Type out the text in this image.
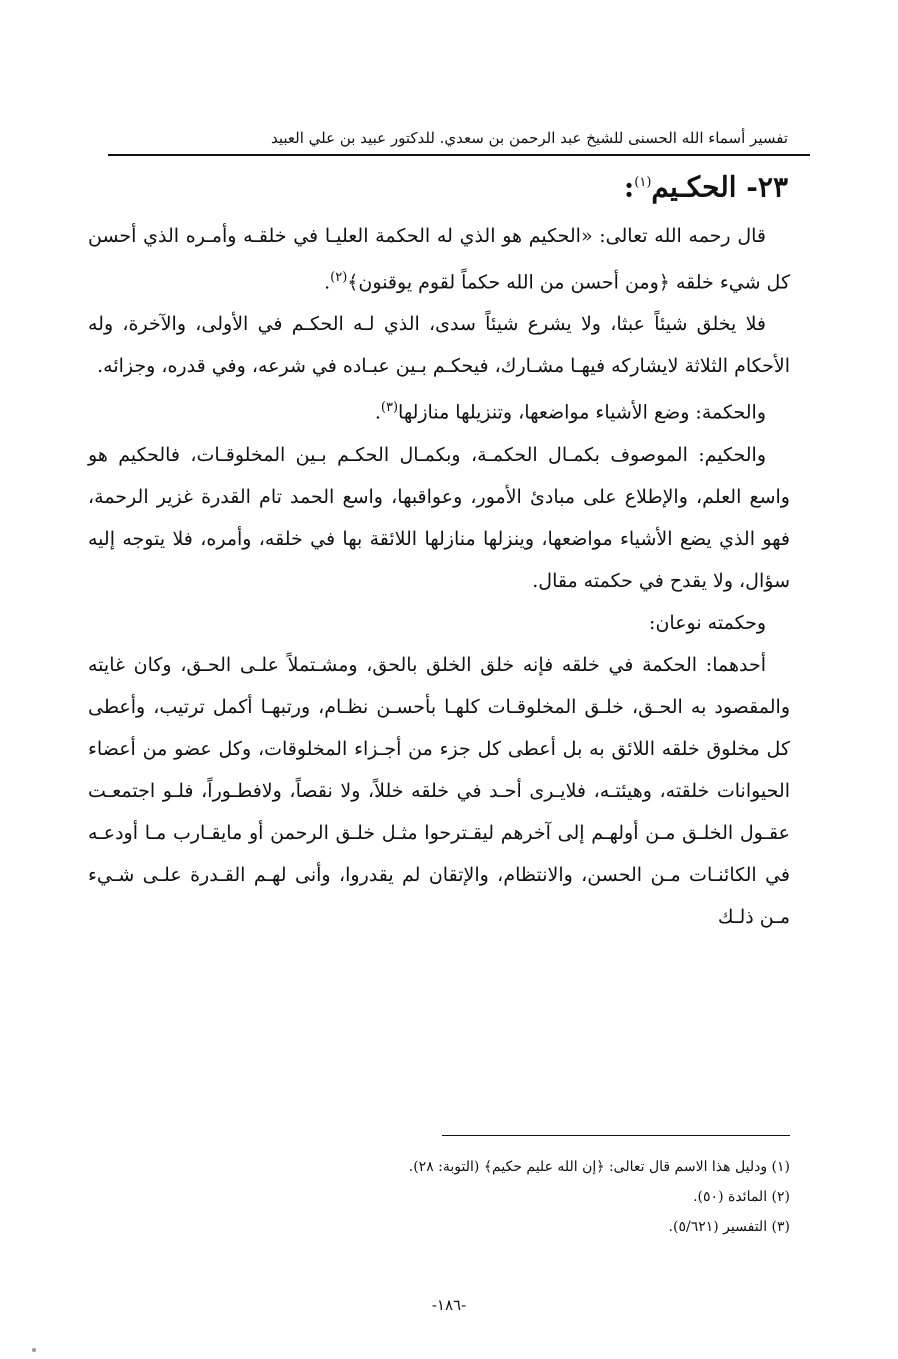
تفسير أسماء الله الحسنى للشيخ عبد الرحمن بن سعدي. للدكتور عبيد بن علي العبيد
٢٣- الحكـيم$^{(١)}$:

قال رحمه الله تعالى: «الحكيم هو الذي له الحكمة العليـا في خلقـه وأمـره الذي أحسن كل شيء خلقه ﴿ومن أحسن من الله حكماً لقوم يوقنون﴾$^{(٢)}$.

فلا يخلق شيئاً عبثا، ولا يشرع شيئاً سدى، الذي لـه الحكـم في الأولى، والآخرة، وله الأحكام الثلاثة لايشاركه فيهـا مشـارك، فيحكـم بـين عبـاده في شرعه، وفي قدره، وجزائه.

والحكمة: وضع الأشياء مواضعها، وتنزيلها منازلها$^{(٣)}$.

والحكيم: الموصوف بكمـال الحكمـة، وبكمـال الحكـم بـين المخلوقـات، فالحكيم هو واسع العلم، والإطلاع على مبادئ الأمور، وعواقبها، واسع الحمد تام القدرة غزير الرحمة، فهو الذي يضع الأشياء مواضعها، وينزلها منازلها اللائقة بها في خلقه، وأمره، فلا يتوجه إليه سؤال، ولا يقدح في حكمته مقال.

وحكمته نوعان:

أحدهما: الحكمة في خلقه فإنه خلق الخلق بالحق، ومشـتملاً علـى الحـق، وكان غايته والمقصود به الحـق، خلـق المخلوقـات كلهـا بأحسـن نظـام، ورتبهـا أكمل ترتيب، وأعطى كل مخلوق خلقه اللائق به بل أعطى كل جزء من أجـزاء المخلوقات، وكل عضو من أعضاء الحيوانات خلقته، وهيئتـه، فلايـرى أحـد في خلقه خللاً، ولا نقصاً، ولافطـوراً، فلـو اجتمعـت عقـول الخلـق مـن أولهـم إلى آخرهم ليقـترحوا مثـل خلـق الرحمن أو مايقـارب مـا أودعـه في الكائنـات مـن الحسن، والانتظام، والإتقان لم يقدروا، وأنى لهـم القـدرة علـى شـيء مـن ذلـك

(١) ودليل هذا الاسم قال تعالى: ﴿إن الله عليم حكيم﴾ (التوبة: ٢٨).
(٢) المائدة (٥٠).
(٣) التفسير (٥/٦٢١).
-١٨٦-
